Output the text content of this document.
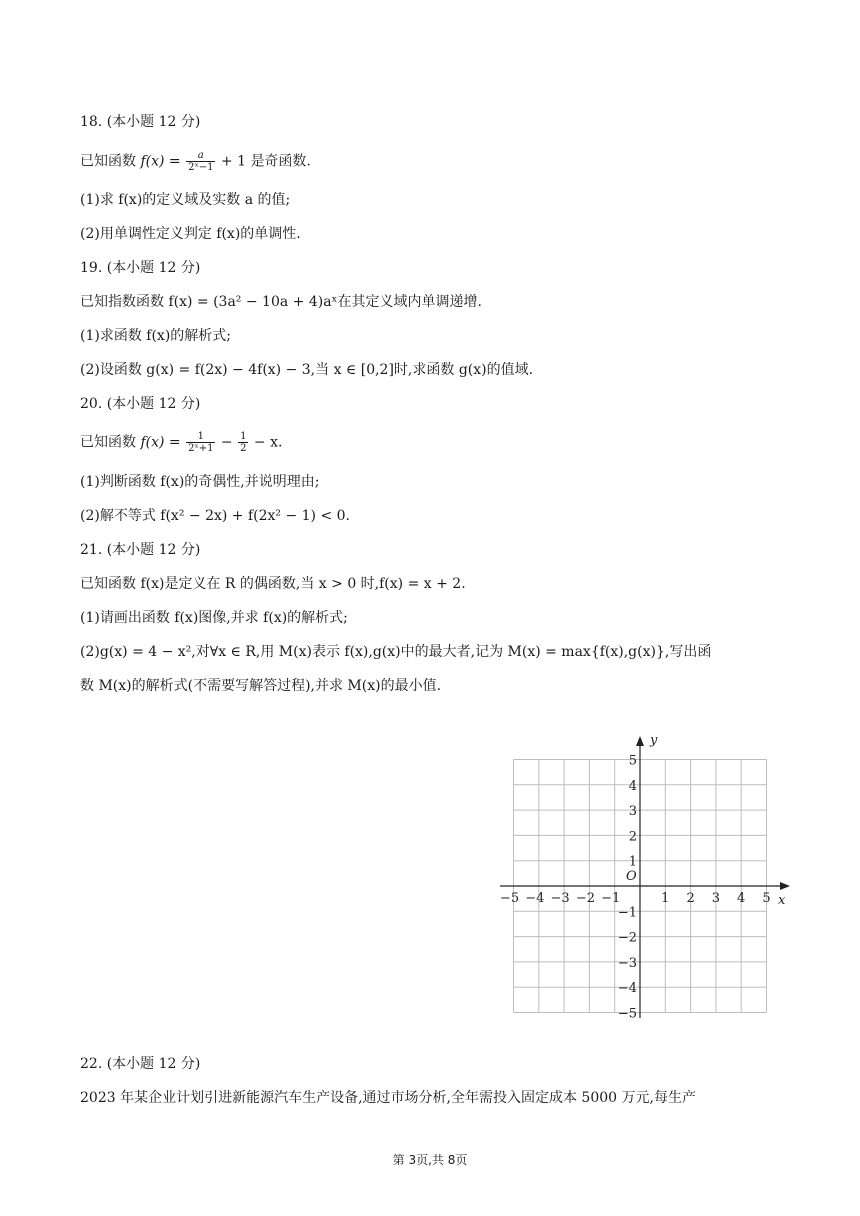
18. (本小题 12 分)
已知函数 $f(x) = \frac{a}{\text{2ˣ−1}} + 1$ 是奇函数.
(1)求 f(x)的定义域及实数 a 的值;
(2)用单调性定义判定 f(x)的单调性.
19. (本小题 12 分)
已知指数函数 f(x) = (3a² − 10a + 4)aˣ在其定义域内单调递增.
(1)求函数 f(x)的解析式;
(2)设函数 g(x) = f(2x) − 4f(x) − 3,当 x ∈ [0,2]时,求函数 g(x)的值域.
20. (本小题 12 分)
已知函数 $f(x) = \frac{1}{\text{2ˣ+1}} - \frac{1}{2} - x$.
(1)判断函数 f(x)的奇偶性,并说明理由;
(2)解不等式 f(x² − 2x) + f(2x² − 1) < 0.
21. (本小题 12 分)
已知函数 f(x)是定义在 R 的偶函数,当 x > 0 时,f(x) = x + 2.
(1)请画出函数 f(x)图像,并求 f(x)的解析式;
(2)g(x) = 4 − x²,对∀x ∈ R,用 M(x)表示 f(x),g(x)中的最大者,记为 M(x) = max{f(x),g(x)},写出函
数 M(x)的解析式(不需要写解答过程),并求 M(x)的最小值.
x
y
O
−5 −4 −3 −2 −1	1 2 3 4 5
5
4
3
2
1
−1
−2
−3
−4
−5
22. (本小题 12 分)
2023 年某企业计划引进新能源汽车生产设备,通过市场分析,全年需投入固定成本 5000 万元,每生产
第 3页,共 8页
